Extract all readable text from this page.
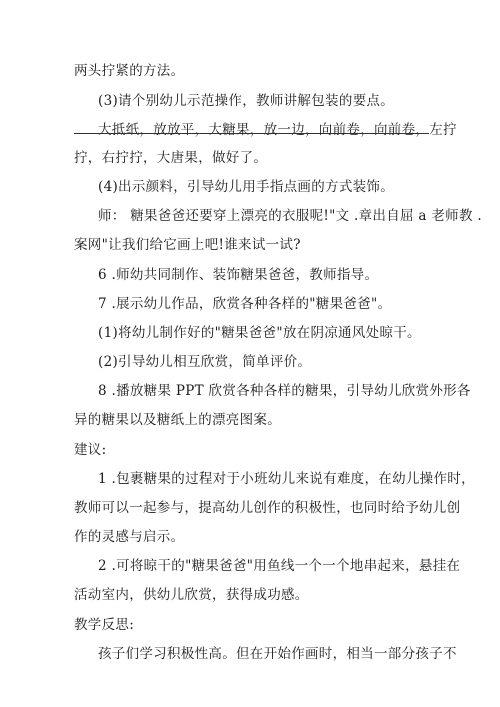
两头拧紧的方法。
(3)请个别幼儿示范操作，教师讲解包装的要点。
大抵纸，放放平，大糖果，放一边，向前卷，向前卷，左拧
拧，右拧拧，大唐果，做好了。
(4)出示颜料，引导幼儿用手指点画的方式装饰。
师： 糖果爸爸还要穿上漂亮的衣服呢!"文 .章出自屈 a 老师教 .
案网"让我们给它画上吧!谁来试一试?
6 .师幼共同制作、装饰糖果爸爸，教师指导。
7 .展示幼儿作品，欣赏各种各样的"糖果爸爸"。
(1)将幼儿制作好的"糖果爸爸"放在阴凉通风处晾干。
(2)引导幼儿相互欣赏，简单评价。
8 .播放糖果 PPT 欣赏各种各样的糖果，引导幼儿欣赏外形各
异的糖果以及糖纸上的漂亮图案。
建议:
1 .包裹糖果的过程对于小班幼儿来说有难度，在幼儿操作时，
教师可以一起参与，提高幼儿创作的积极性，也同时给予幼儿创
作的灵感与启示。
2 .可将晾干的"糖果爸爸"用鱼线一个一个地串起来，悬挂在
活动室内，供幼儿欣赏，获得成功感。
教学反思:
孩子们学习积极性高。但在开始作画时，相当一部分孩子不
